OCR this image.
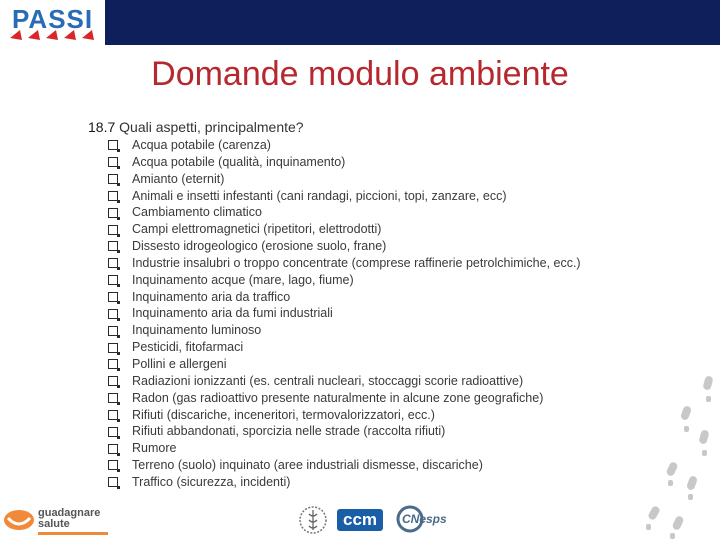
PASSI
Domande modulo ambiente
18.7 Quali aspetti, principalmente?
Acqua potabile (carenza)
Acqua potabile (qualità, inquinamento)
Amianto (eternit)
Animali e insetti infestanti (cani randagi, piccioni, topi, zanzare, ecc)
Cambiamento climatico
Campi elettromagnetici (ripetitori, elettrodotti)
Dissesto idrogeologico (erosione suolo, frane)
Industrie insalubri o troppo concentrate (comprese raffinerie petrolchimiche, ecc.)
Inquinamento acque (mare, lago, fiume)
Inquinamento aria da traffico
Inquinamento aria da fumi industriali
Inquinamento luminoso
Pesticidi, fitofarmaci
Pollini e allergeni
Radiazioni ionizzanti (es. centrali nucleari, stoccaggi scorie radioattive)
Radon (gas radioattivo presente naturalmente in alcune zone geografiche)
Rifiuti (discariche, inceneritori, termovalorizzatori, ecc.)
Rifiuti abbandonati, sporcizia nelle strade (raccolta rifiuti)
Rumore
Terreno (suolo) inquinato (aree industriali dismesse, discariche)
Traffico (sicurezza, incidenti)
guadagnare
salute	ccm	CNesps
